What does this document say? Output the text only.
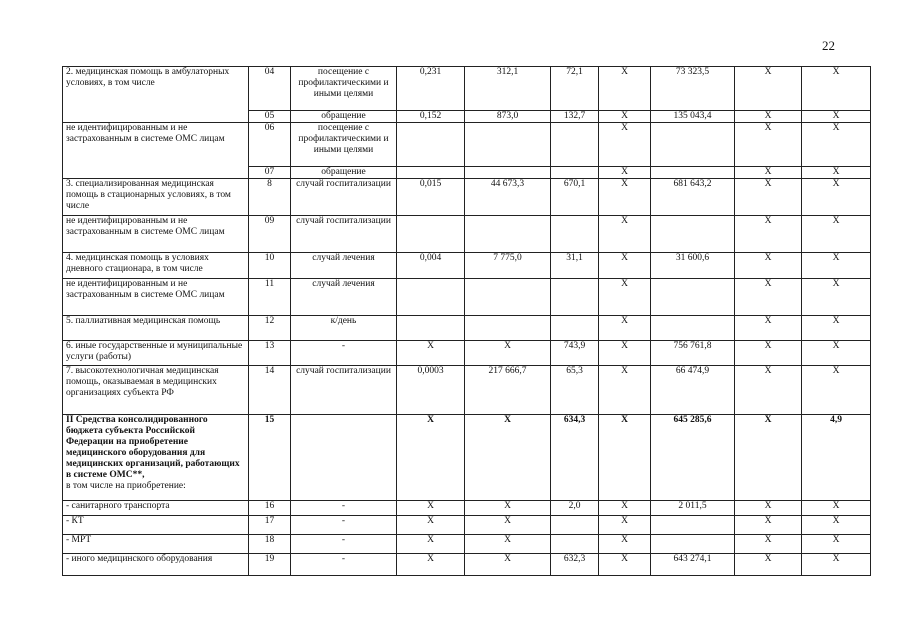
22
2. медицинская помощь в амбулаторных условиях, в том числе	04	посещение с профилактическими и иными целями	0,231	312,1	72,1	X	73 323,5	X	X
	05	обращение	0,152	873,0	132,7	X	135 043,4	X	X
не идентифицированным и не застрахованным в системе ОМС лицам	06	посещение с профилактическими и иными целями				X		X	X
	07	обращение				X		X	X
3. специализированная медицинская помощь в стационарных условиях, в том числе	8	случай госпитализации	0,015	44 673,3	670,1	X	681 643,2	X	X
не идентифицированным и не застрахованным в системе ОМС лицам	09	случай госпитализации				X		X	X
4. медицинская помощь в условиях дневного стационара, в том числе	10	случай лечения	0,004	7 775,0	31,1	X	31 600,6	X	X
не идентифицированным и не застрахованным в системе ОМС лицам	11	случай лечения				X		X	X
5. паллиативная медицинская помощь	12	к/день				X		X	X
6. иные государственные и муниципальные услуги (работы)	13	-	X	X	743,9	X	756 761,8	X	X
7. высокотехнологичная медицинская помощь, оказываемая в медицинских организациях субъекта РФ	14	случай госпитализации	0,0003	217 666,7	65,3	X	66 474,9	X	X
II Средства консолидированного бюджета субъекта Российской Федерации на приобретение медицинского оборудования для медицинских организаций, работающих в системе ОМС**,
в том числе на приобретение:	15		X	X	634,3	X	645 285,6	X	4,9
- санитарного транспорта	16	-	X	X	2,0	X	2 011,5	X	X
- КТ	17	-	X	X		X		X	X
- МРТ	18	-	X	X		X		X	X
- иного медицинского оборудования	19	-	X	X	632,3	X	643 274,1	X	X
